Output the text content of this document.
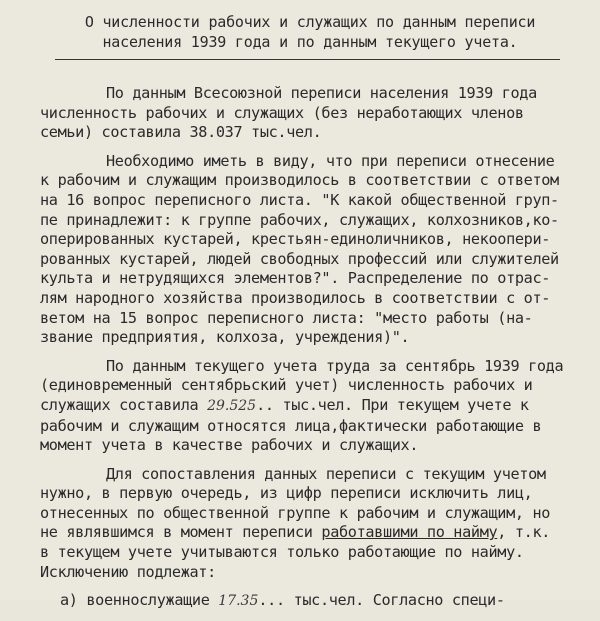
О численности рабочих и служащих по данным переписи
населения 1939 года и по данным текущего учета.

По данным Всесоюзной переписи населения 1939 года
численность рабочих и служащих (без неработающих членов
семьи) составила 38.037 тыс.чел.

Необходимо иметь в виду, что при переписи отнесение
к рабочим и служащим производилось в соответствии с ответом
на 16 вопрос переписного листа. "К какой общественной груп-
пе принадлежит: к группе рабочих, служащих, колхозников,ко-
оперированных кустарей, крестьян-единоличников, некоопери-
рованных кустарей, людей свободных профессий или служителей
культа и нетрудящихся элементов?". Распределение по отрас-
лям народного хозяйства производилось в соответствии с от-
ветом на 15 вопрос переписного листа: "место работы (на-
звание предприятия, колхоза, учреждения)".

По данным текущего учета труда за сентябрь 1939 года
(единовременный сентябрьский учет) численность рабочих и
служащих составила 29.525.. тыс.чел. При текущем учете к
рабочим и служащим относятся лица,фактически работающие в
момент учета в качестве рабочих и служащих.

Для сопоставления данных переписи с текущим учетом
нужно, в первую очередь, из цифр переписи исключить лиц,
отнесенных по общественной группе к рабочим и служащим, но
не являвшимся в момент переписи работавшими по найму, т.к.
в текущем учете учитываются только работающие по найму.
Исключению подлежат:

а) военнослужащие 17.35... тыс.чел. Согласно специ-
